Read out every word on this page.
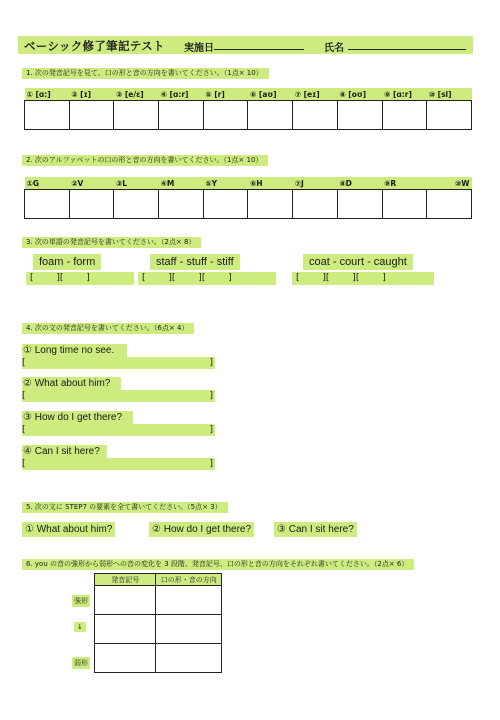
ベーシック修了筆記テスト 実施日	氏名
1. 次の発音記号を見て、口の形と音の方向を書いてください。（1点× 10）
① [ɑ:]	② [ɪ]	③ [e/ɛ]	④ [ɑ:r]	⑤ [r]	⑥ [aʊ]	⑦ [eɪ]	⑧ [oʊ]	⑨ [ɑ:r]	⑩ [sl]

2. 次のアルファベットの口の形と音の方向を書いてください。（1点× 10）
①G	②V	③L	④M	⑤Y	⑥H	⑦J	⑧D	⑨R	⑩W

3. 次の単語の発音記号を書いてください。（2点× 8）
foam - form
[        ][        ]
staff - stuff - stiff
[        ][        ][        ]
coat - court - caught
[        ][        ][        ]
4. 次の文の発音記号を書いてください。（6点× 4）
① Long time no see.
[	]
② What about him?
[	]
③ How do I get there?
[	]
④ Can I sit here?
[	]
5. 次の文に STEP7 の要素を全て書いてください。（5点× 3）
① What about him?	② How do I get there?	③ Can I sit here?
6. you の音の強形から弱形への音の変化を 3 段階、発音記号、口の形と音の方向をそれぞれ書いてください。（2点× 6）
発音記号	口の形・音の方向

強形
↓
弱形
